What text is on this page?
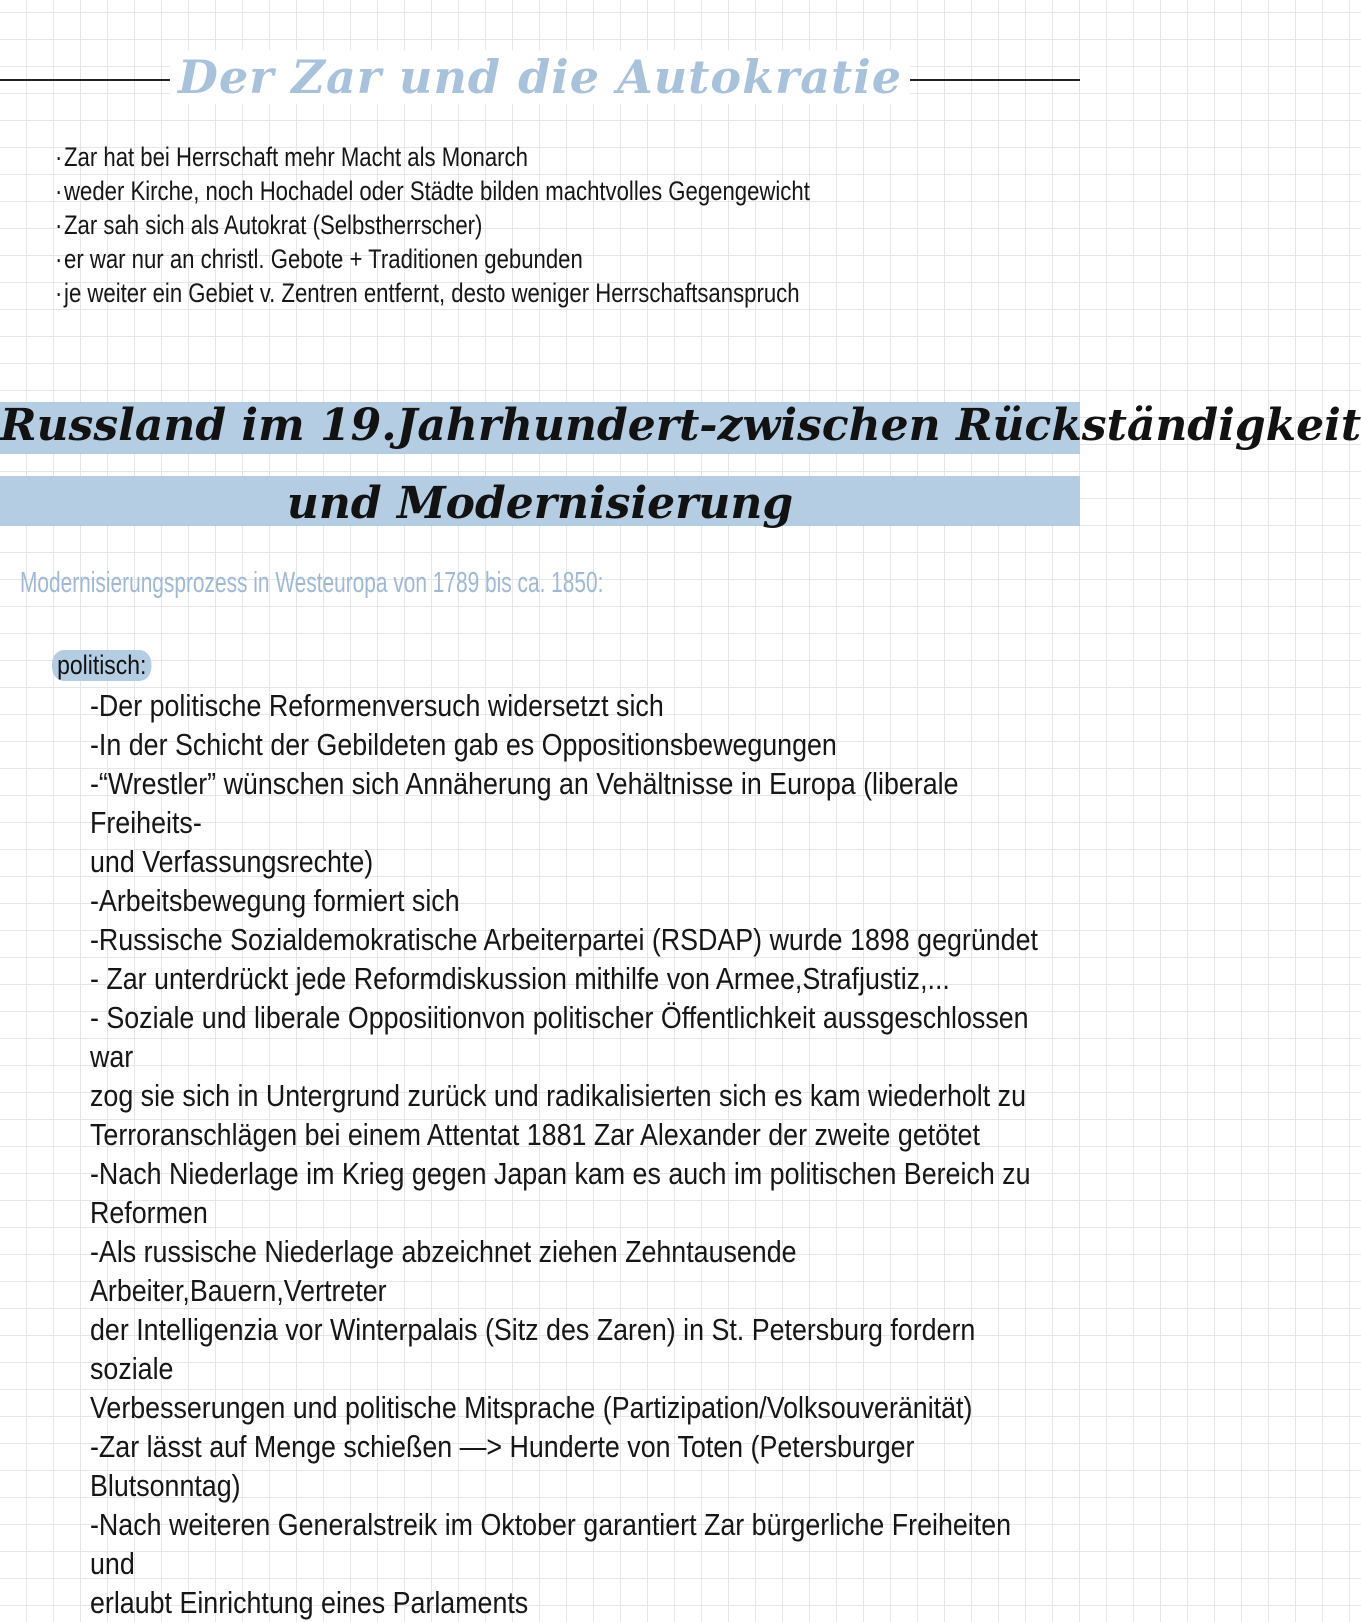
Der Zar und die Autokratie
· Zar hat bei Herrschaft mehr Macht als Monarch
· weder Kirche, noch Hochadel oder Städte bilden machtvolles Gegengewicht
· Zar sah sich als Autokrat (Selbstherrscher)
· er war nur an christl. Gebote + Traditionen gebunden
· je weiter ein Gebiet v. Zentren entfernt, desto weniger Herrschaftsanspruch
Russland im 19.Jahrhundert-zwischen Rückständigkeit
und Modernisierung
Modernisierungsprozess in Westeuropa von 1789 bis ca. 1850:
politisch:
-Der politische Reformenversuch widersetzt sich
-In der Schicht der Gebildeten gab es Oppositionsbewegungen
-“Wrestler” wünschen sich Annäherung an Vehältnisse in Europa (liberale Freiheits-
und Verfassungsrechte)
-Arbeitsbewegung formiert sich
-Russische Sozialdemokratische Arbeiterpartei (RSDAP) wurde 1898 gegründet
- Zar unterdrückt jede Reformdiskussion mithilfe von Armee,Strafjustiz,...
- Soziale und liberale Opposiitionvon politischer Öffentlichkeit aussgeschlossen war
zog sie sich in Untergrund zurück und radikalisierten sich es kam wiederholt zu
Terroranschlägen bei einem Attentat 1881 Zar Alexander der zweite getötet
-Nach Niederlage im Krieg gegen Japan kam es auch im politischen Bereich zu
Reformen
-Als russische Niederlage abzeichnet ziehen Zehntausende Arbeiter,Bauern,Vertreter
der Intelligenzia vor Winterpalais (Sitz des Zaren) in St. Petersburg fordern soziale
Verbesserungen und politische Mitsprache (Partizipation/Volksouveränität)
-Zar lässt auf Menge schießen —> Hunderte von Toten (Petersburger Blutsonntag)
-Nach weiteren Generalstreik im Oktober garantiert Zar bürgerliche Freiheiten und
erlaubt Einrichtung eines Parlaments
